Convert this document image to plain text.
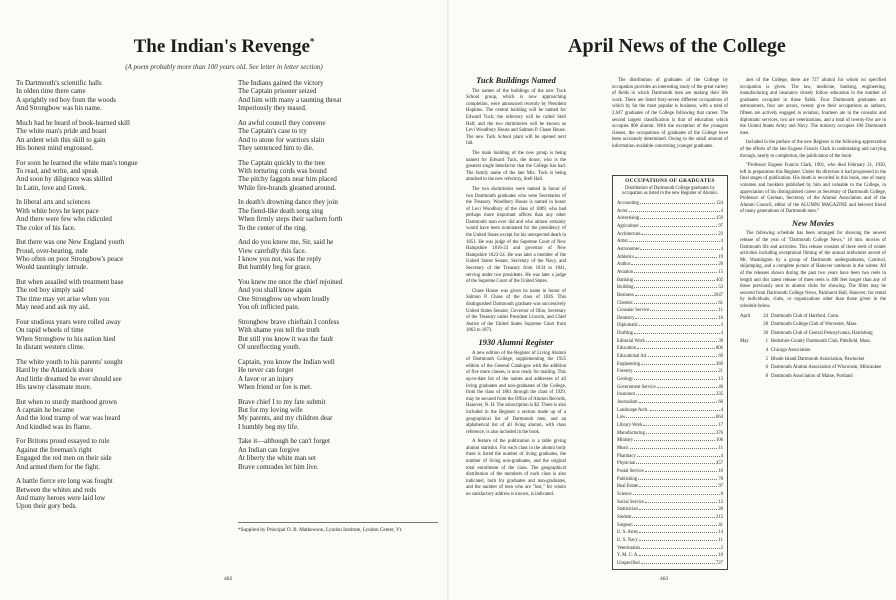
The Indian's Revenge*

(A poem probably more than 100 years old. See letter in letter section)

To Dartmouth's scientific halls
In olden time there came
A sprightly red boy from the woods
And Strongbow was his name.
Much had he heard of book-learned skill
The white man's pride and boast
An ardent wish this skill to gain
His honest mind engrossed.
For soon he learned the white man's tongue
To read, and write, and speak
And soon by diligence was skilled
In Latin, love and Greek.
In liberal arts and sciences
With white boys he kept pace
And there were few who ridiculed
The color of his face.
But there was one New England youth
Proud, over-bearing, rude
Who often on poor Strongbow's peace
Would tauntingly intrude.
But when assailed with treatment base
The red boy simply said
The time may yet arise when you
May need and ask my aid.
Four studious years were rolled away
On rapid wheels of time
When Strongbow to his nation hied
In distant western clime.
The white youth to his parents' sought
Hard by the Atlantick shore
And little dreamed he ever should see
His tawny classmate more.
But when to sturdy manhood grown
A captain he became
And the loud tramp of war was heard
And kindled was its flame.
For Britons proud essayed to rule
Against the freeman's right
Engaged the red men on their side
And armed them for the fight.
A battle fierce ere long was fought
Between the whites and reds
And many heroes were laid low
Upon their gory beds.
The Indians gained the victory
The Captain prisoner seized
And him with many a taunting threat
Imperiously they teased.
An awful council they convene
The Captain's case to try
And to atone for warriors slain
They sentenced him to die.
The Captain quickly to the tree
With torturing cords was bound
The pitchy faggots near him placed
While fire-brands gleamed around.
In death's drowning dance they join
The fiend-like death song sing
When firmly steps their sachem forth
To the center of the ring.
And do you know me, Sir, said he
View carefully this face.
I know you not, was the reply
But humbly beg for grace.
You knew me once the chief rejoined
And you shall know again
One Strongbow on whom loudly
You oft inflicted pain.
Strongbow brave chieftain I confess
With shame you tell the truth
But still you know it was the fault
Of unreflecting youth.
Captain, you know the Indian well
He never can forget
A favor or an injury
When friend or foe is met.
Brave chief I to my fate submit
But for my loving wife
My parents, and my children dear
I humbly beg my life.
Take it—although he can't forget
An Indian can forgive
At liberty the white man set
Brave comrades let him live.

*Supplied by Principal O. B. Mathewson, Lyndon Institute, Lyndon Center, Vt.

462

April News of the College
Tuck Buildings Named

The names of the buildings of the new Tuck School group, which is now approaching completion, were announced recently by President Hopkins. The central building will be named for Edward Tuck; the refectory will be called Stell Hall; and the two dormitories will be known as Levi Woodbury House and Salmon P. Chase House. The new Tuck School plant will be opened next fall.

The main building of the new group is being named for Edward Tuck, the donor, who is the greatest single benefactor that the College has had. The family name of the late Mrs. Tuck is being attached to the new refectory, Stell Hall.

The two dormitories were named in honor of two Dartmouth graduates who were Secretaries of the Treasury. Woodbury House is named in honor of Levi Woodbury of the class of 1809, who had perhaps more important offices than any other Dartmouth man ever did and who almost certainly would have been nominated for the presidency of the United States except for his unexpected death in 1851. He was judge of the Supreme Court of New Hampshire 1816-23 and governor of New Hampshire 1823-24. He was later a member of the United States Senate, Secretary of the Navy, and Secretary of the Treasury from 1834 to 1841, serving under two presidents. He was later a judge of the Supreme Court of the United States.

Chase House was given its name in honor of Salmon P. Chase of the class of 1826. This distinguished Dartmouth graduate was successively United States Senator, Governor of Ohio, Secretary of the Treasury under President Lincoln, and Chief Justice of the United States Supreme Court from 1863 to 1873.

1930 Alumni Register

A new edition of the Register of Living Alumni of Dartmouth College, supplementing the 1925 edition of the General Catalogue with the addition of five more classes, is now ready for mailing. This up-to-date list of the names and addresses of all living graduates and non-graduates of the College, from the class of 1861 through the class of 1929, may be secured from the Office of Alumni Records, Hanover, N. H. The subscription is $2. There is also included in the Register a section made up of a geographical list of Dartmouth men, and an alphabetical list of all living alumni, with class reference, is also included in the book.

A feature of the publication is a table giving alumni statistics. For each class in the alumni body there is listed the number of living graduates, the number of living non-graduates, and the original total enrollment of the class. The geographical distribution of the members of each class is also indicated, both for graduates and non-graduates, and the number of men who are "lost," for whom no satisfactory address is known, is indicated.

The distribution of graduates of the College by occupation provides an interesting study of the great variety of fields in which Dartmouth men are making their life work. There are listed forty-seven different occupations of which by far the most popular is business, with a total of 2,647 graduates of the College following that career. The second largest classification is that of education which occupies 806 alumni. With the exception of the youngest classes, the occupations of graduates of the College have been accurately determined. Owing to the small amount of information available concerning younger graduates.

OCCUPATIONS OF GRADUATES

Distribution of Dartmouth College graduates by occupation as listed in the new Register of Alumni.

Accounting	124
Actor	4
Advertising	159
Agriculture	97
Architecture	23
Artist	4
Astronomer	4
Athletics	19
Author	20
Aviation	15
Banking	402
Building	53
Business	2647
Chemist	61
Consular Service	11
Dentistry	16
Diplomatic	3
Drafting	4
Editorial Work	39
Education	806
Educational Ad.	69
Engineering	369
Forestry	21
Geology	13
Government Service	40
Insurance	335
Journalism	60
Landscape Arch.	4
Law	664
Library Work	17
Manufacturing	376
Ministry	106
Music	11
Pharmacy	4
Physician	457
Postal Service	10
Publishing	78
Real Estate	97
Science	8
Social Service	12
Statistician	26
Student	215
Surgeon	41
U. S. Army	14
U. S. Navy	11
Veterinarian	2
Y. M. C. A.	10
Unspecified	727

ates of the College, there are 727 alumni for whom no specified occupation is given. The law, medicine, banking, engineering, manufacturing and insurance closely follow education in the number of graduates occupied in these fields. Four Dartmouth graduates are astronomers, four are actors, twenty give their occupations as authors, fifteen are actively engaged in aviation, fourteen are in the consular and diplomatic services, two are veterinarians, and a total of twenty-five are in the United States Army and Navy. The ministry occupies 106 Dartmouth men.

Included in the preface of the new Register is the following appreciation of the efforts of the late Eugene Francis Clark in undertaking and carrying through, nearly to completion, the publication of the book:

"Professor Eugene Francis Clark, 1901, who died February 21, 1930, left in preparation this Register. Under his direction it had progressed to the final stages of publication. His death is recorded in this book, one of many volumes and booklets published by him and valuable to the College, in appreciation of his distinguished career as Secretary of Dartmouth College, Professor of German, Secretary of the Alumni Association and of the Alumni Council, editor of the ALUMNI MAGAZINE and beloved friend of many generations of Dartmouth men."

New Movies

The following schedule has been arranged for showing the newest release of the year of "Dartmouth College News," 16 mm. movies of Dartmouth life and activities. This release consists of three reels of winter activities including exceptional filming of the annual midwinter ascent of Mt. Washington by a group of Dartmouth undergraduates, Carnival, skijumping, and a complete picture of Hanover outdoors in the winter. All of the releases shown during the past two years have been two reels in length and this latest release of three reels is 400 feet longer than any of those previously sent to alumni clubs for showing. The films may be secured from Dartmouth College News, Parkhurst Hall, Hanover, for rental by individuals, clubs, or organizations other than those given in the schedule below.

April	24 Dartmouth Club of Hartford, Conn.
28 Dartmouth College Club of Worcester, Mass.
30 Dartmouth Club of Central Pennsylvania, Harrisburg
May	1 Berkshire County Dartmouth Club, Pittsfield, Mass.
4 Chicago Association
5 Rhode Island Dartmouth Association, Pawtucket
6 Dartmouth Alumni Association of Wisconsin, Milwaukee
8 Dartmouth Association of Maine, Portland

463
